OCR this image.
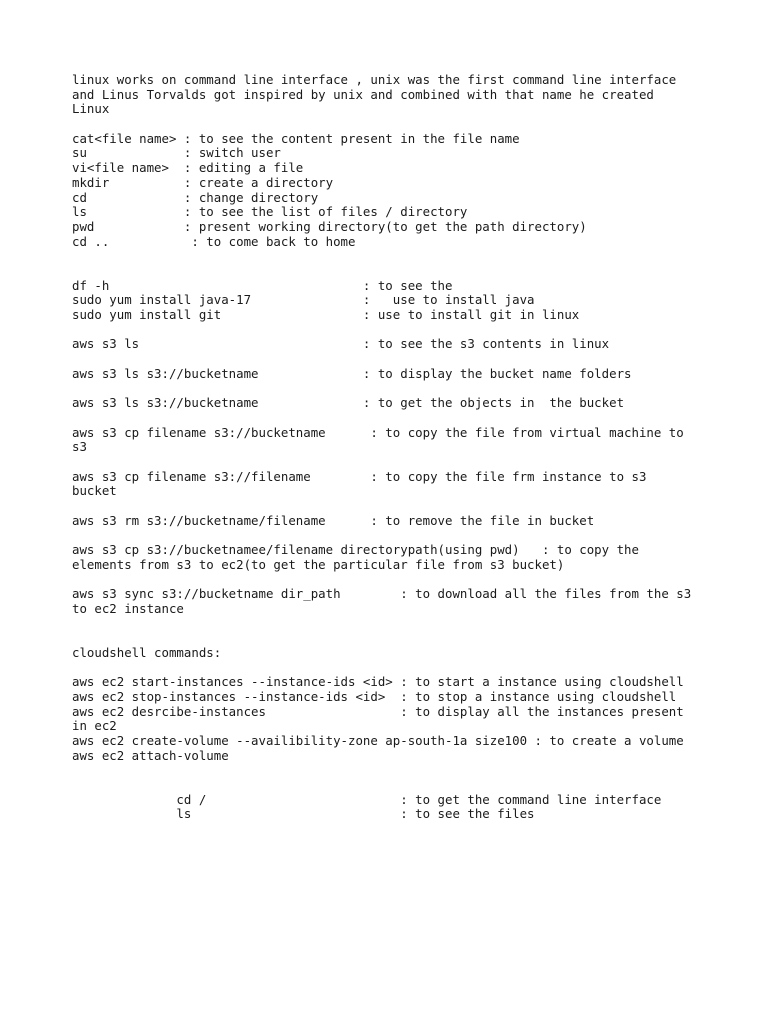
linux works on command line interface , unix was the first command line interface
and Linus Torvalds got inspired by unix and combined with that name he created
Linux
cat<file name> : to see the content present in the file name
su             : switch user
vi<file name>  : editing a file
mkdir          : create a directory
cd             : change directory
ls             : to see the list of files / directory
pwd            : present working directory(to get the path directory)
cd ..           : to come back to home
df -h                                  : to see the
sudo yum install java-17               :   use to install java
sudo yum install git                   : use to install git in linux
aws s3 ls                              : to see the s3 contents in linux
aws s3 ls s3://bucketname              : to display the bucket name folders
aws s3 ls s3://bucketname              : to get the objects in  the bucket
aws s3 cp filename s3://bucketname      : to copy the file from virtual machine to
s3
aws s3 cp filename s3://filename        : to copy the file frm instance to s3
bucket
aws s3 rm s3://bucketname/filename      : to remove the file in bucket
aws s3 cp s3://bucketnamee/filename directorypath(using pwd)   : to copy the
elements from s3 to ec2(to get the particular file from s3 bucket)
aws s3 sync s3://bucketname dir_path        : to download all the files from the s3
to ec2 instance
cloudshell commands:
aws ec2 start-instances --instance-ids <id> : to start a instance using cloudshell
aws ec2 stop-instances --instance-ids <id>  : to stop a instance using cloudshell
aws ec2 desrcibe-instances                  : to display all the instances present
in ec2
aws ec2 create-volume --availibility-zone ap-south-1a size100 : to create a volume
aws ec2 attach-volume
cd /                          : to get the command line interface
ls                            : to see the files
